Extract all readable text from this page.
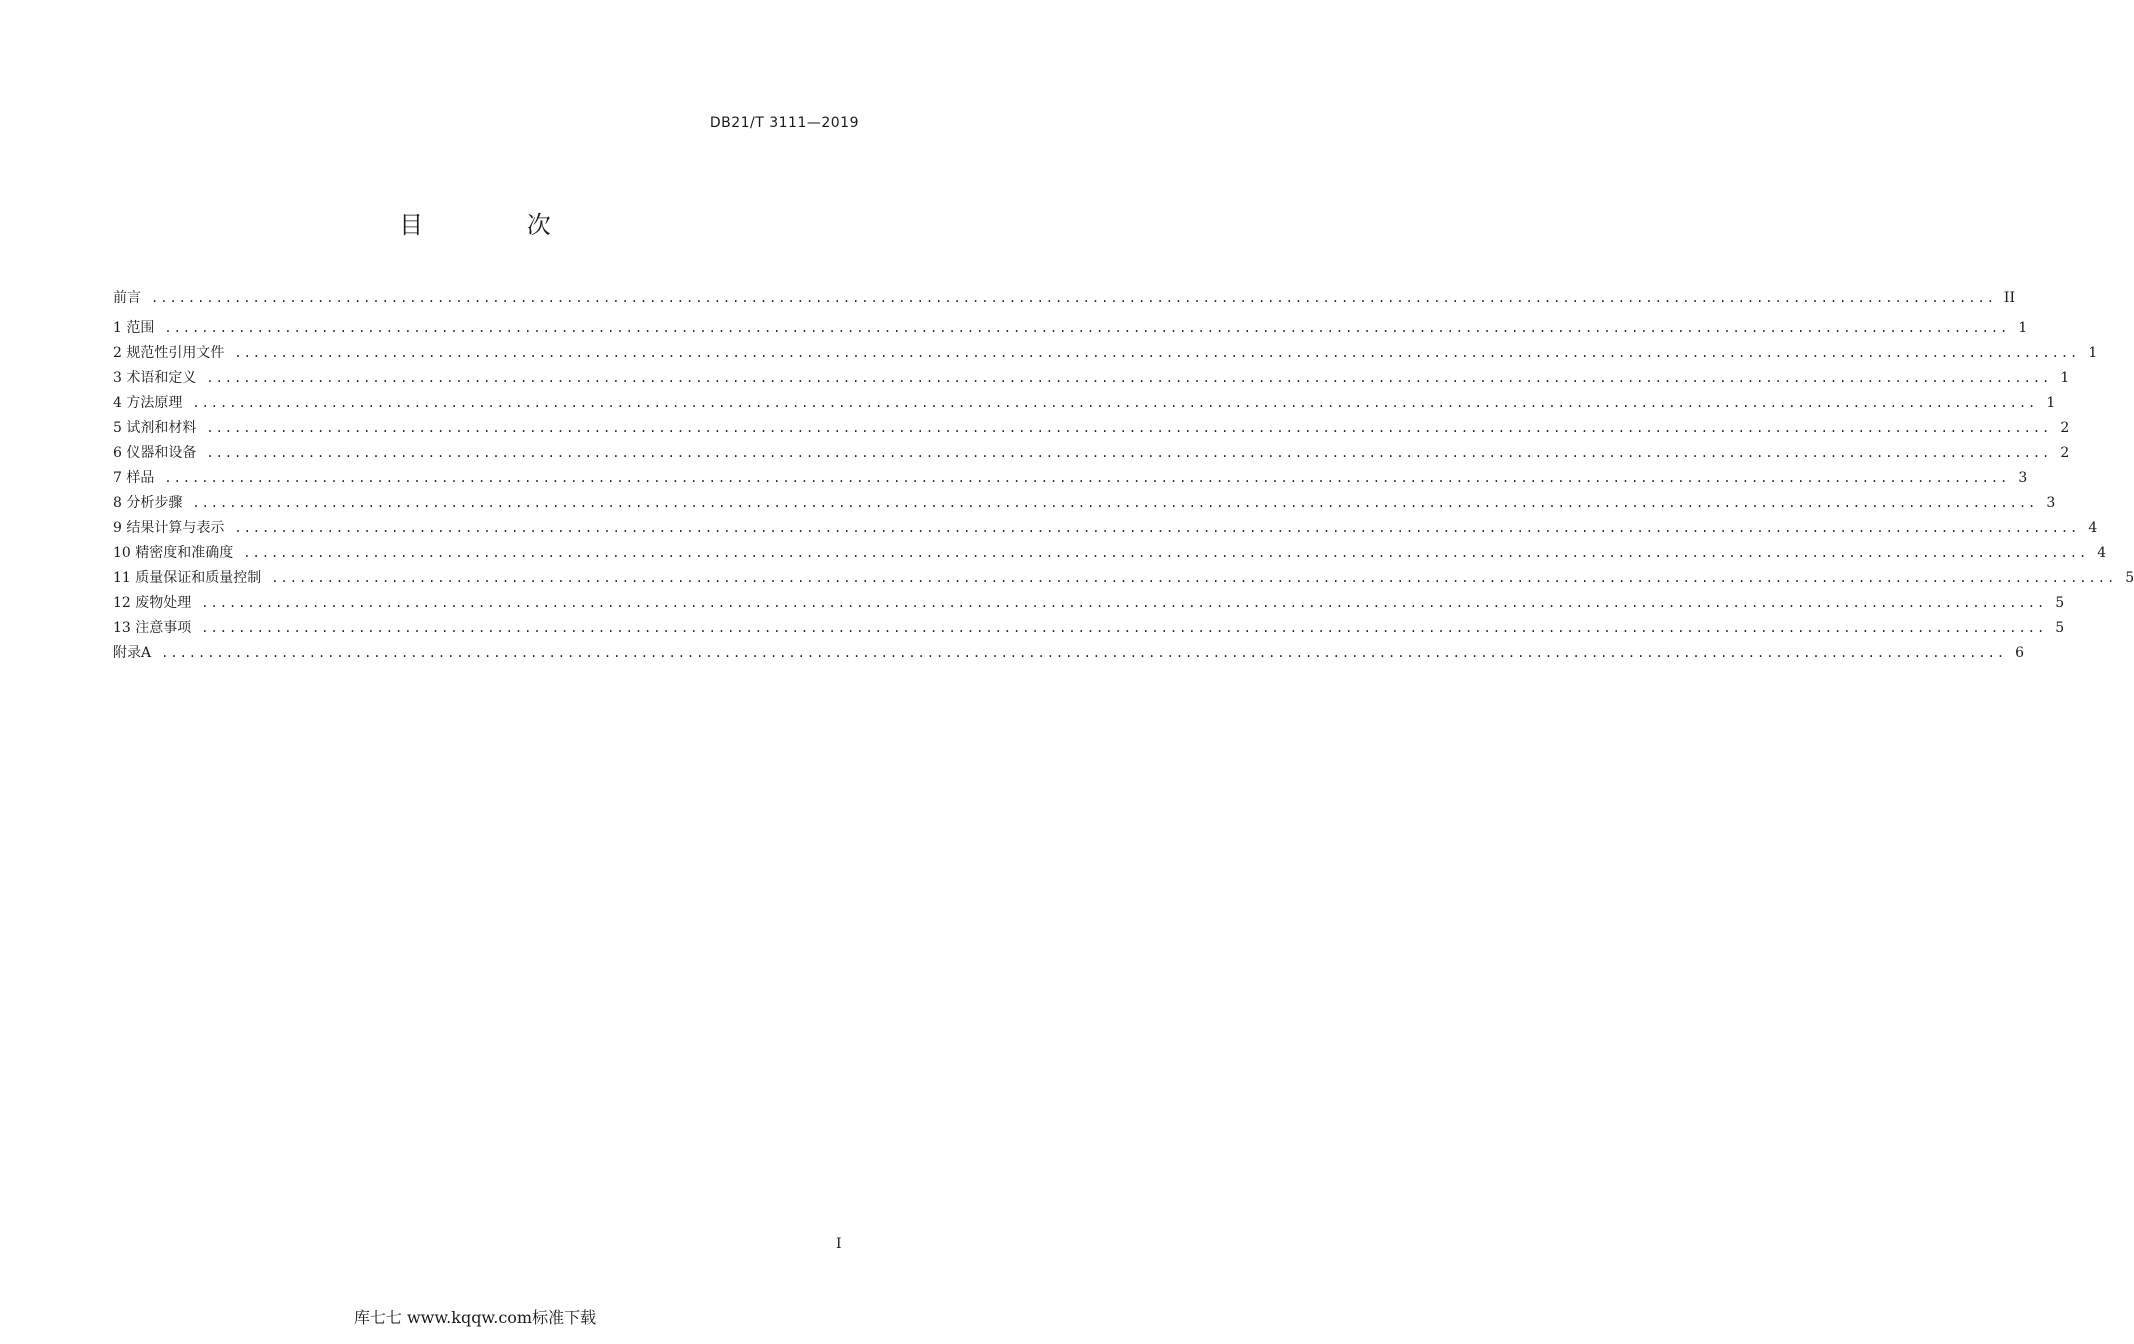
DB21/T 3111—2019
目 次
前言 ........................................................................................................................................................................................................ II
1 范围 ........................................................................................................................................................................................................ 1
2 规范性引用文件 ........................................................................................................................................................................................................ 1
3 术语和定义 ........................................................................................................................................................................................................ 1
4 方法原理 ........................................................................................................................................................................................................ 1
5 试剂和材料 ........................................................................................................................................................................................................ 2
6 仪器和设备 ........................................................................................................................................................................................................ 2
7 样品 ........................................................................................................................................................................................................ 3
8 分析步骤 ........................................................................................................................................................................................................ 3
9 结果计算与表示 ........................................................................................................................................................................................................ 4
10 精密度和准确度 ........................................................................................................................................................................................................ 4
11 质量保证和质量控制 ........................................................................................................................................................................................................ 5
12 废物处理 ........................................................................................................................................................................................................ 5
13 注意事项 ........................................................................................................................................................................................................ 5
附录A ........................................................................................................................................................................................................ 6
I
库七七 www.kqqw.com标准下载
